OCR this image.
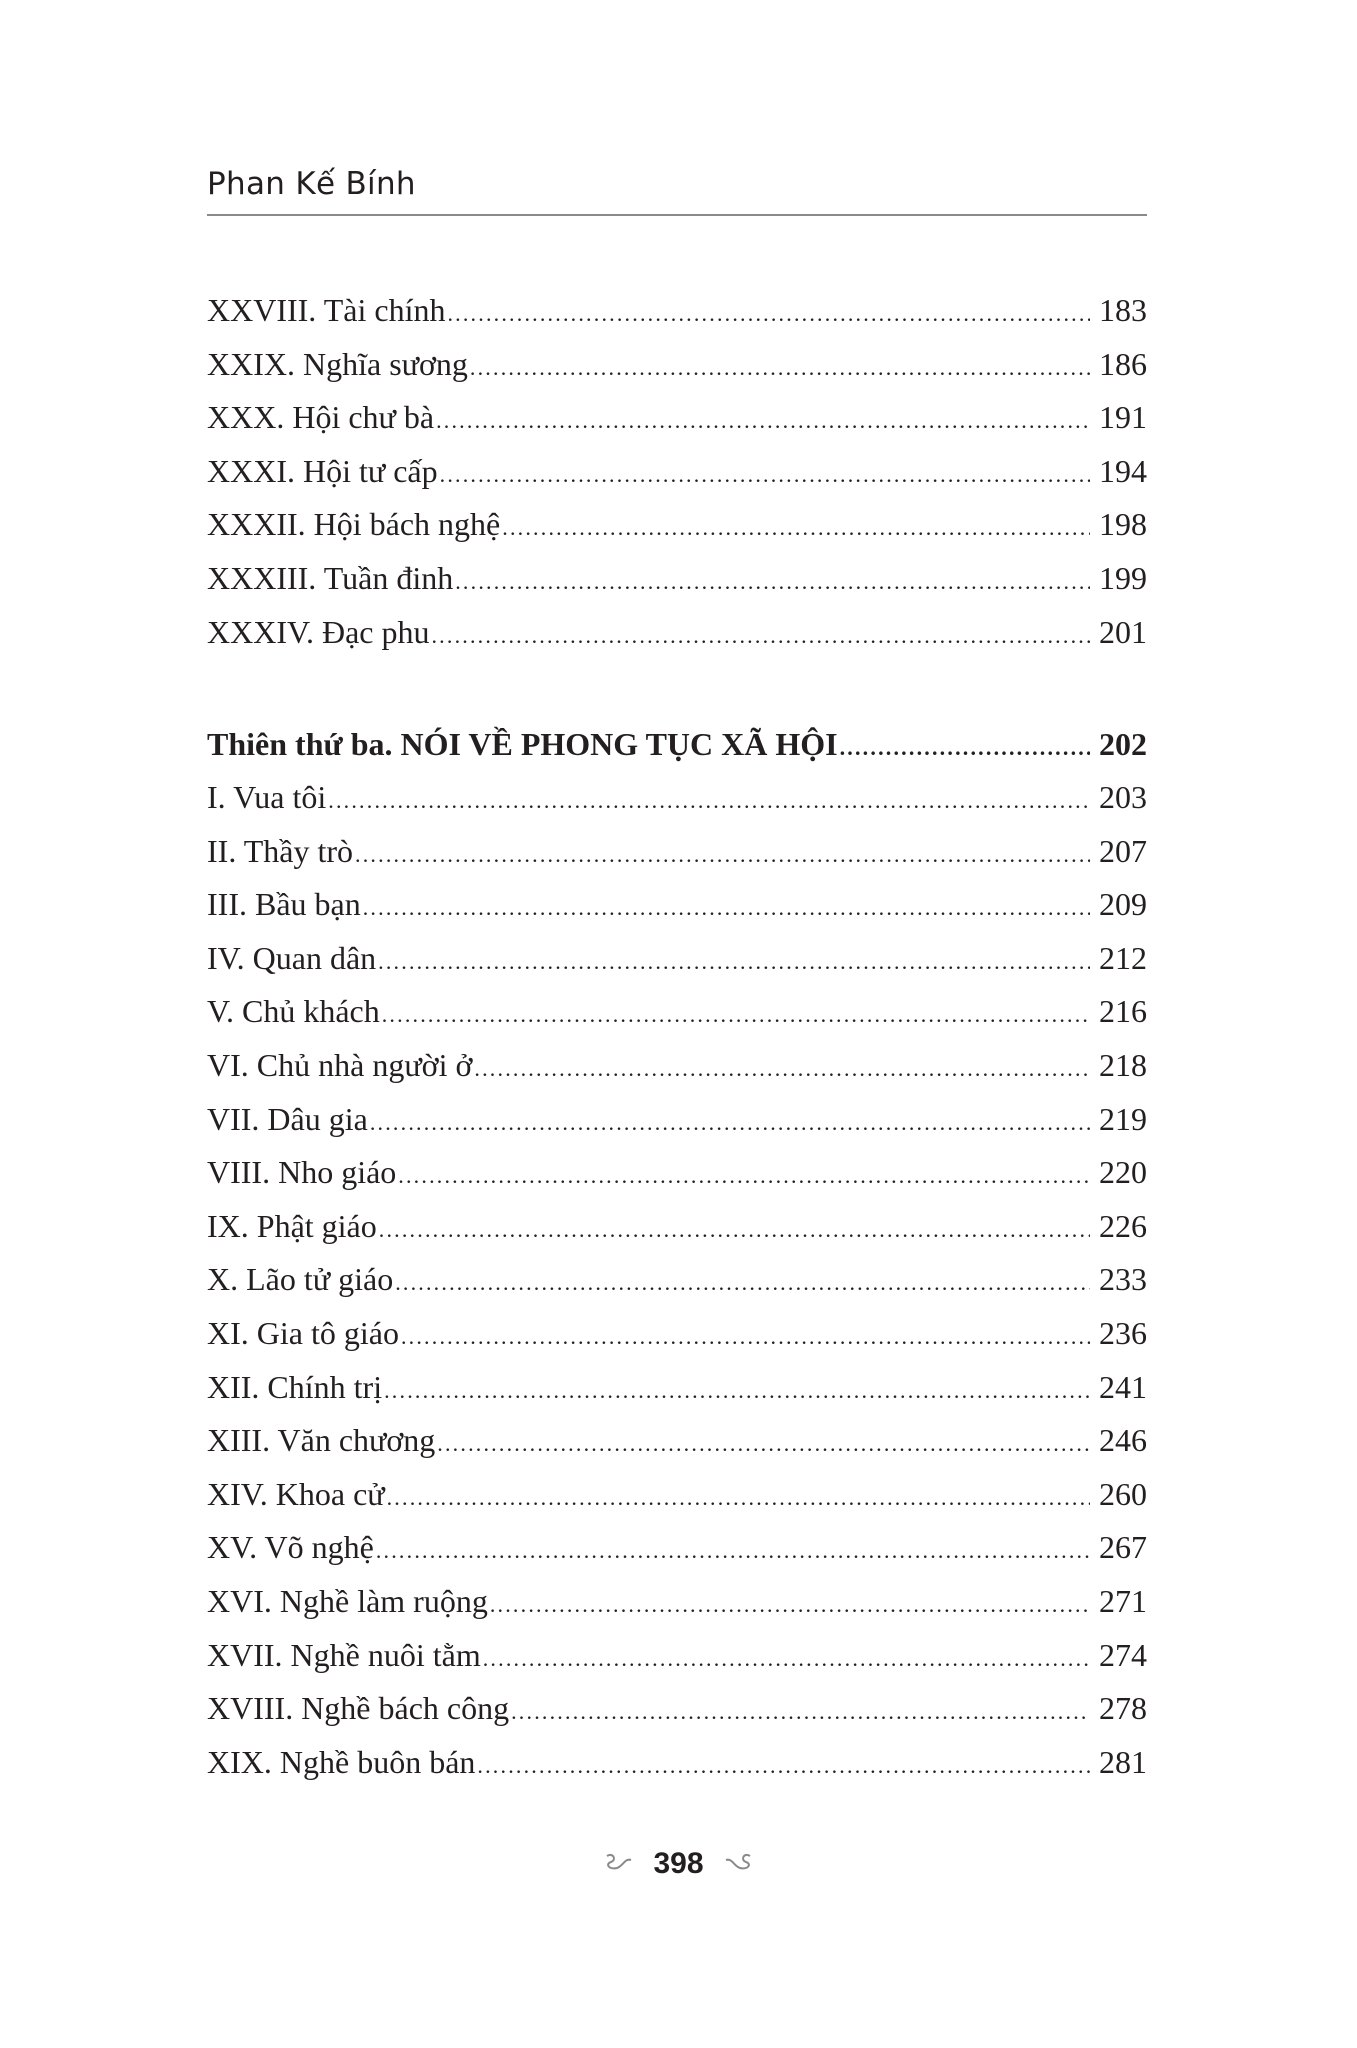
Phan Kế Bính
XXVIII. Tài chính .....	183
XXIX. Nghĩa sương .....	186
XXX. Hội chư bà .....	191
XXXI. Hội tư cấp .....	194
XXXII. Hội bách nghệ .....	198
XXXIII. Tuần đinh .....	199
XXXIV. Đạc phu .....	201
Thiên thứ ba. NÓI VỀ PHONG TỤC XÃ HỘI .....	202
I. Vua tôi .....	203
II. Thầy trò .....	207
III. Bầu bạn .....	209
IV. Quan dân .....	212
V. Chủ khách .....	216
VI. Chủ nhà người ở .....	218
VII. Dâu gia .....	219
VIII. Nho giáo .....	220
IX. Phật giáo .....	226
X. Lão tử giáo .....	233
XI. Gia tô giáo .....	236
XII. Chính trị .....	241
XIII. Văn chương .....	246
XIV. Khoa cử .....	260
XV. Võ nghệ .....	267
XVI. Nghề làm ruộng .....	271
XVII. Nghề nuôi tằm .....	274
XVIII. Nghề bách công .....	278
XIX. Nghề buôn bán .....	281
398
